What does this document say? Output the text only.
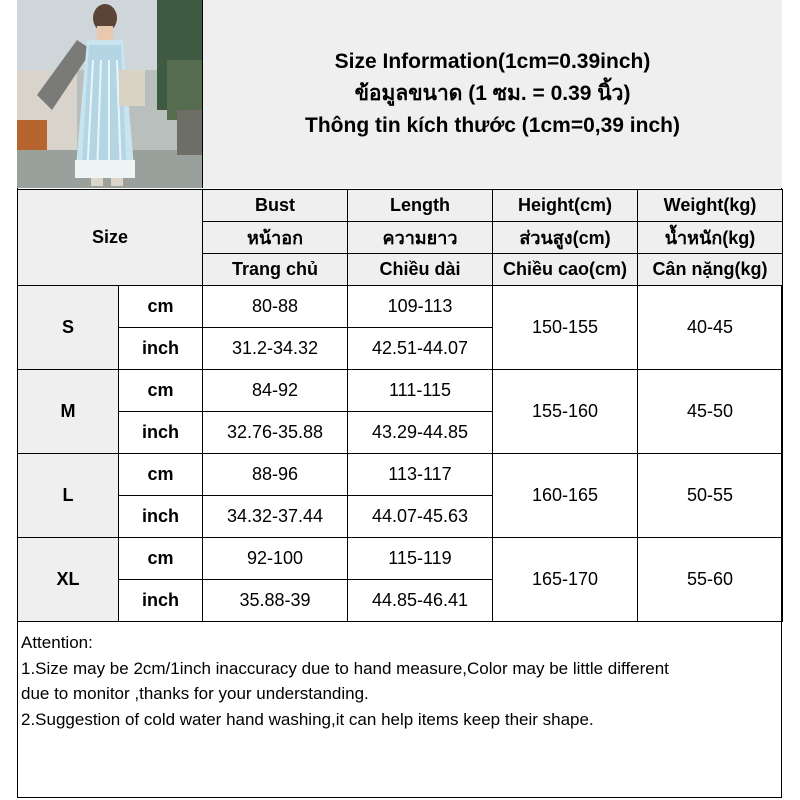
Size Information(1cm=0.39inch)
ข้อมูลขนาด (1 ซม. = 0.39 นิ้ว)
Thông tin kích thước (1cm=0,39 inch)
Size		Bust	Length	Height(cm)	Weight(kg)
		หน้าอก	ความยาว	ส่วนสูง(cm)	น้ำหนัก(kg)
		Trang chủ	Chiều dài	Chiều cao(cm)	Cân nặng(kg)
S	cm	80-88	109-113	150-155	40-45
	inch	31.2-34.32	42.51-44.07		
M	cm	84-92	111-115	155-160	45-50
	inch	32.76-35.88	43.29-44.85		
L	cm	88-96	113-117	160-165	50-55
	inch	34.32-37.44	44.07-45.63		
XL	cm	92-100	115-119	165-170	55-60
	inch	35.88-39	44.85-46.41		
Attention:
1.Size may be 2cm/1inch inaccuracy due to hand measure,Color may be little different
due to monitor ,thanks for your understanding.
2.Suggestion of cold water hand washing,it can help items keep their shape.
